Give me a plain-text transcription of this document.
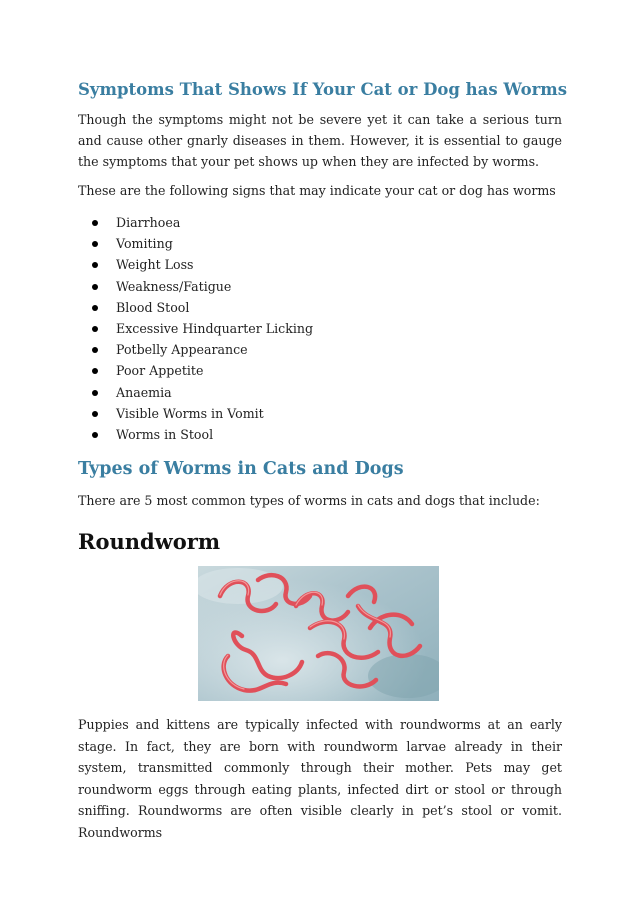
Symptoms That Shows If Your Cat or Dog has Worms

Though the symptoms might not be severe yet it can take a serious turn and cause other gnarly diseases in them. However, it is essential to gauge the symptoms that your pet shows up when they are infected by worms.

These are the following signs that may indicate your cat or dog has worms

Diarrhoea
Vomiting
Weight Loss
Weakness/Fatigue
Blood Stool
Excessive Hindquarter Licking
Potbelly Appearance
Poor Appetite
Anaemia
Visible Worms in Vomit
Worms in Stool
Types of Worms in Cats and Dogs

There are 5 most common types of worms in cats and dogs that include:

Roundworm

Puppies and kittens are typically infected with roundworms at an early stage. In fact, they are born with roundworm larvae already in their system, transmitted commonly through their mother. Pets may get roundworm eggs through eating plants, infected dirt or stool or through sniffing. Roundworms are often visible clearly in pet’s stool or vomit. Roundworms
